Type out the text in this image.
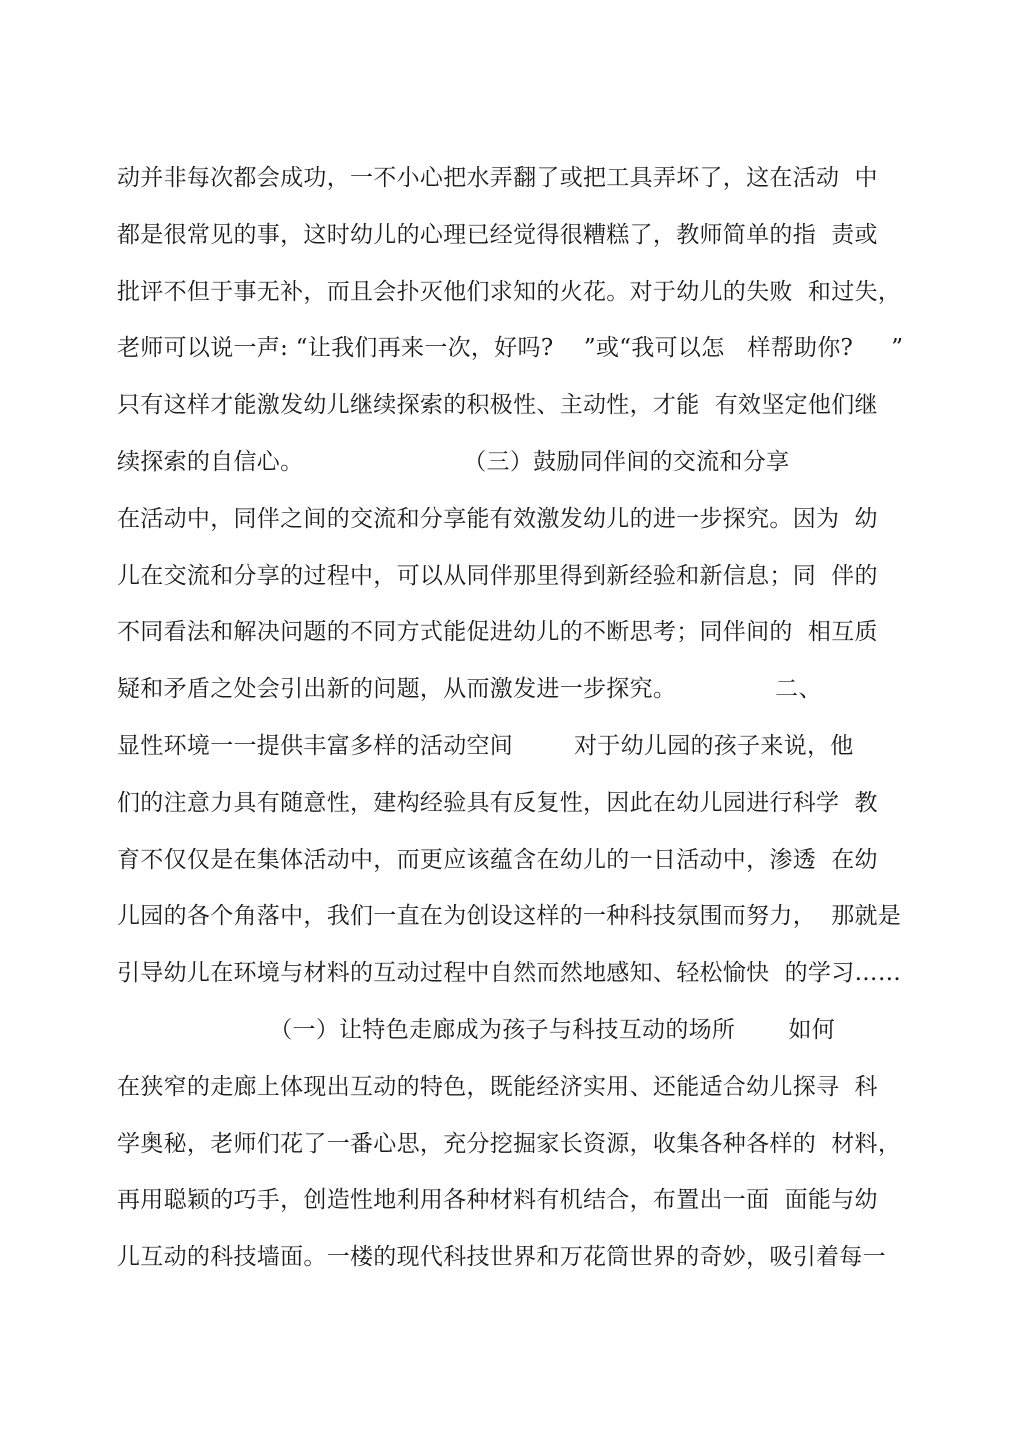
动并非每次都会成功，一不小心把水弄翻了或把工具弄坏了，这在活动  中
都是很常见的事，这时幼儿的心理已经觉得很糟糕了，教师简单的指  责或
批评不但于事无补，而且会扑灭他们求知的火花。对于幼儿的失败  和过失，
老师可以说一声: “让我们再来一次，好吗?    ”或“我可以怎   样帮助你?     ”
只有这样才能激发幼儿继续探索的积极性、主动性，才能  有效坚定他们继
续探索的自信心。                     （三）鼓励同伴间的交流和分享
在活动中，同伴之间的交流和分享能有效激发幼儿的进一步探究。因为  幼
儿在交流和分享的过程中，可以从同伴那里得到新经验和新信息；同  伴的
不同看法和解决问题的不同方式能促进幼儿的不断思考；同伴间的  相互质
疑和矛盾之处会引出新的问题，从而激发进一步探究。             二、
显性环境一一提供丰富多样的活动空间        对于幼儿园的孩子来说，他
们的注意力具有随意性，建构经验具有反复性，因此在幼儿园进行科学  教
育不仅仅是在集体活动中，而更应该蕴含在幼儿的一日活动中，渗透  在幼
儿园的各个角落中，我们一直在为创设这样的一种科技氛围而努力，  那就是
引导幼儿在环境与材料的互动过程中自然而然地感知、轻松愉快  的学习……
（一）让特色走廊成为孩子与科技互动的场所       如何
在狭窄的走廊上体现出互动的特色，既能经济实用、还能适合幼儿探寻  科
学奥秘，老师们花了一番心思，充分挖掘家长资源，收集各种各样的  材料，
再用聪颖的巧手，创造性地利用各种材料有机结合，布置出一面  面能与幼
儿互动的科技墙面。一楼的现代科技世界和万花筒世界的奇妙，吸引着每一
